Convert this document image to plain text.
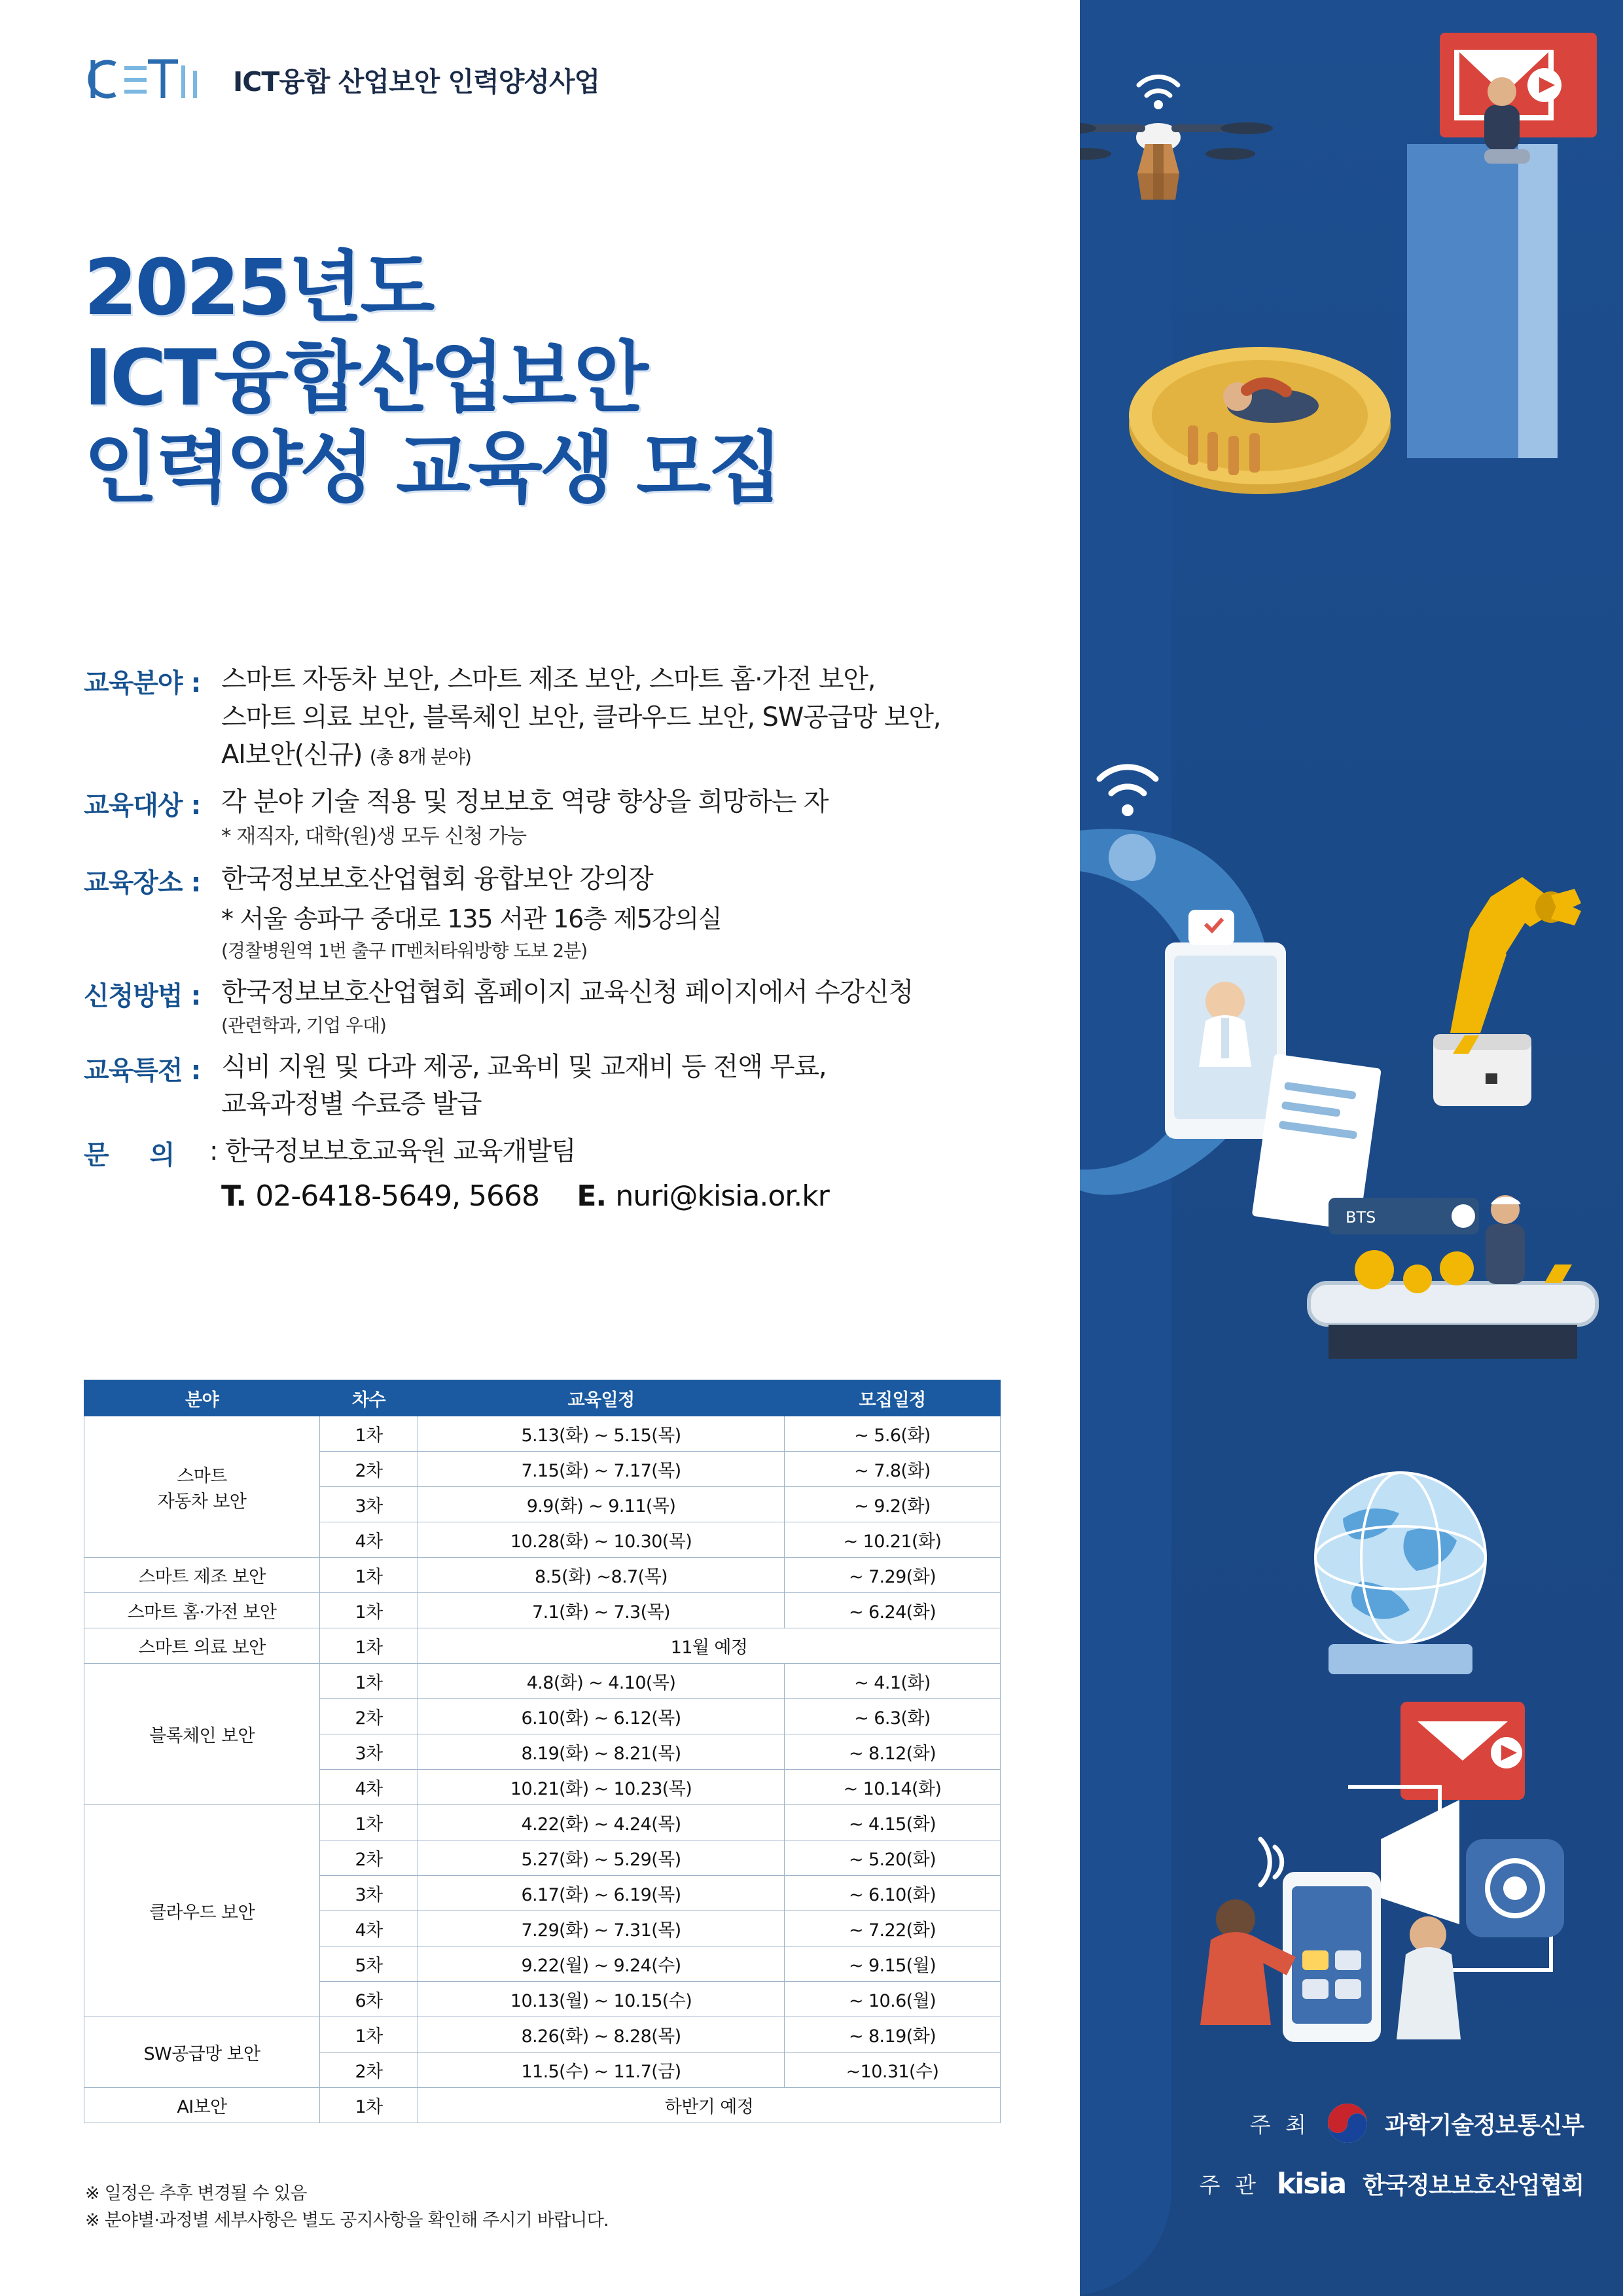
BTS
주 최	과학기술정보통신부
주 관 kisia 한국정보보호산업협회
ICT융합 산업보안 인력양성사업
2025년도
ICT융합산업보안
인력양성 교육생 모집
교육분야 : 스마트 자동차 보안, 스마트 제조 보안, 스마트 홈·가전 보안,
스마트 의료 보안, 블록체인 보안, 클라우드 보안, SW공급망 보안,
AI보안(신규) (총 8개 분야)
교육대상 : 각 분야 기술 적용 및 정보보호 역량 향상을 희망하는 자
* 재직자, 대학(원)생 모두 신청 가능
교육장소 : 한국정보보호산업협회 융합보안 강의장
* 서울 송파구 중대로 135 서관 16층 제5강의실
(경찰병원역 1번 출구 IT벤처타워방향 도보 2분)
신청방법 : 한국정보보호산업협회 홈페이지 교육신청 페이지에서 수강신청
(관련학과, 기업 우대)
교육특전 : 식비 지원 및 다과 제공, 교육비 및 교재비 등 전액 무료,
교육과정별 수료증 발급
문 의 : 한국정보보호교육원 교육개발팀
T. 02-6418-5649, 5668 E. nuri@kisia.or.kr
분야	차수	교육일정	모집일정
스마트
자동차 보안	1차	5.13(화) ~ 5.15(목)	~ 5.6(화)
	2차	7.15(화) ~ 7.17(목)	~ 7.8(화)
	3차	9.9(화) ~ 9.11(목)	~ 9.2(화)
	4차	10.28(화) ~ 10.30(목)	~ 10.21(화)
스마트 제조 보안	1차	8.5(화) ~8.7(목)	~ 7.29(화)
스마트 홈·가전 보안	1차	7.1(화) ~ 7.3(목)	~ 6.24(화)
스마트 의료 보안	1차	11월 예정	
블록체인 보안	1차	4.8(화) ~ 4.10(목)	~ 4.1(화)
	2차	6.10(화) ~ 6.12(목)	~ 6.3(화)
	3차	8.19(화) ~ 8.21(목)	~ 8.12(화)
	4차	10.21(화) ~ 10.23(목)	~ 10.14(화)
클라우드 보안	1차	4.22(화) ~ 4.24(목)	~ 4.15(화)
	2차	5.27(화) ~ 5.29(목)	~ 5.20(화)
	3차	6.17(화) ~ 6.19(목)	~ 6.10(화)
	4차	7.29(화) ~ 7.31(목)	~ 7.22(화)
	5차	9.22(월) ~ 9.24(수)	~ 9.15(월)
	6차	10.13(월) ~ 10.15(수)	~ 10.6(월)
SW공급망 보안	1차	8.26(화) ~ 8.28(목)	~ 8.19(화)
	2차	11.5(수) ~ 11.7(금)	~10.31(수)
AI보안	1차	하반기 예정	
※ 일정은 추후 변경될 수 있음
※ 분야별·과정별 세부사항은 별도 공지사항을 확인해 주시기 바랍니다.
